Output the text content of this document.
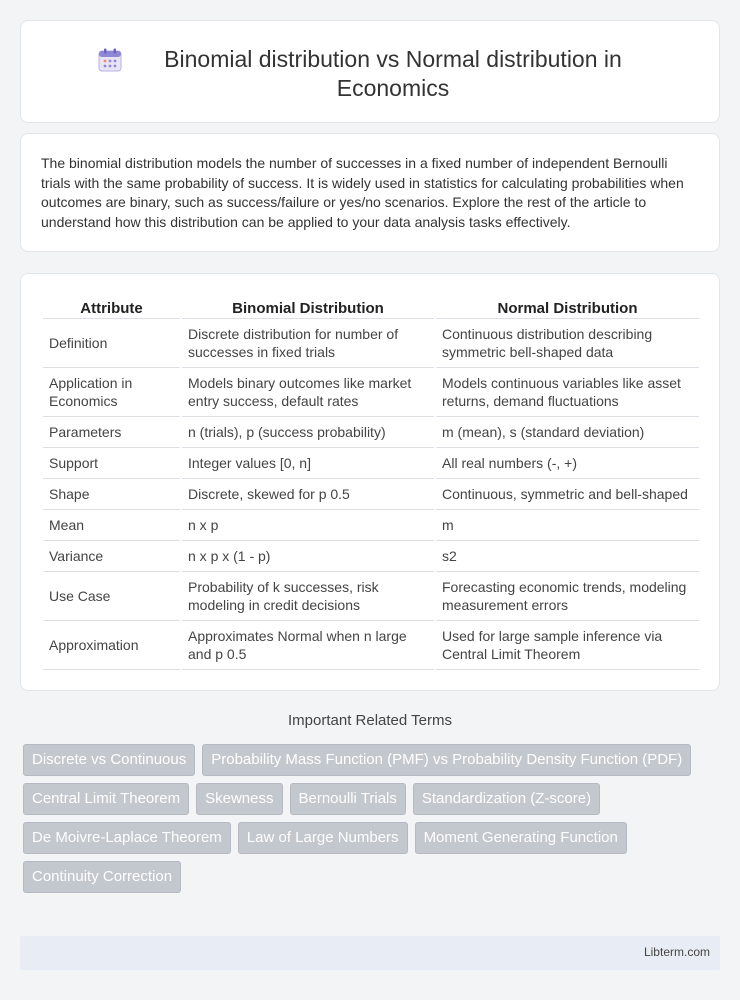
Binomial distribution vs Normal distribution in Economics

The binomial distribution models the number of successes in a fixed number of independent Bernoulli trials with the same probability of success. It is widely used in statistics for calculating probabilities when outcomes are binary, such as success/failure or yes/no scenarios. Explore the rest of the article to understand how this distribution can be applied to your data analysis tasks effectively.

Attribute	Binomial Distribution	Normal Distribution
Definition	Discrete distribution for number of successes in fixed trials	Continuous distribution describing symmetric bell-shaped data
Application in Economics	Models binary outcomes like market entry success, default rates	Models continuous variables like asset returns, demand fluctuations
Parameters	n (trials), p (success probability)	m (mean), s (standard deviation)
Support	Integer values [0, n]	All real numbers (-, +)
Shape	Discrete, skewed for p 0.5	Continuous, symmetric and bell-shaped
Mean	n x p	m
Variance	n x p x (1 - p)	s2
Use Case	Probability of k successes, risk modeling in credit decisions	Forecasting economic trends, modeling measurement errors
Approximation	Approximates Normal when n large and p 0.5	Used for large sample inference via Central Limit Theorem
Important Related Terms
Discrete vs Continuous	Probability Mass Function (PMF) vs Probability Density Function (PDF)
Central Limit Theorem	Skewness	Bernoulli Trials	Standardization (Z-score)
De Moivre-Laplace Theorem	Law of Large Numbers	Moment Generating Function
Continuity Correction
Libterm.com
